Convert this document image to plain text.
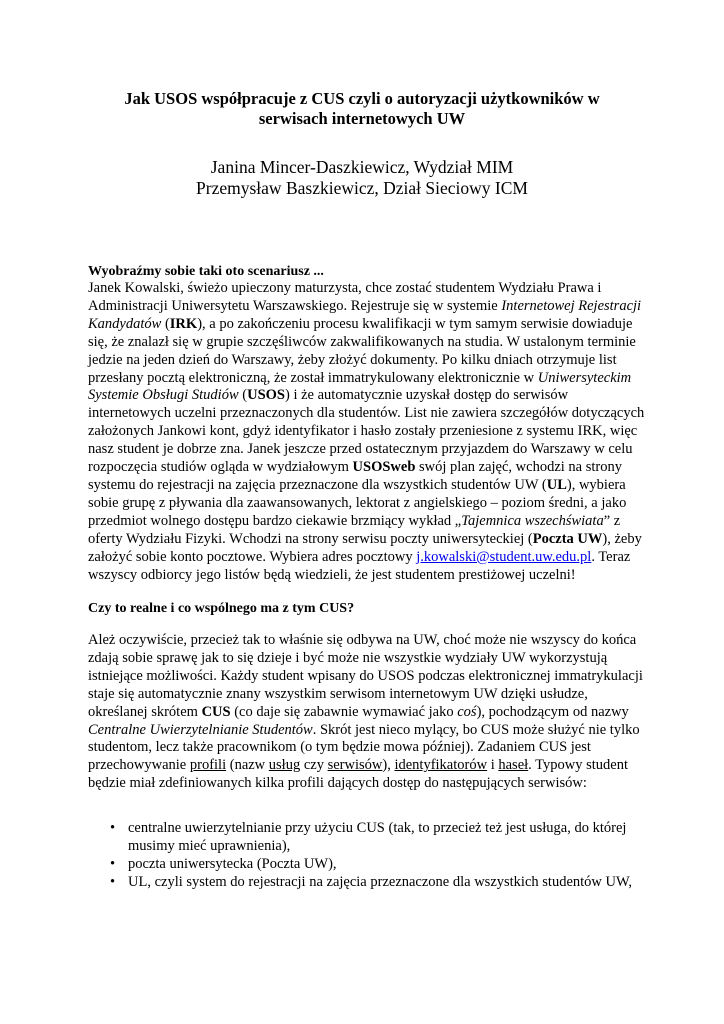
Jak USOS współpracuje z CUS czyli o autoryzacji użytkowników w
serwisach internetowych UW
Janina Mincer-Daszkiewicz, Wydział MIM
Przemysław Baszkiewicz, Dział Sieciowy ICM
Wyobraźmy sobie taki oto scenariusz ...

Janek Kowalski, świeżo upieczony maturzysta, chce zostać studentem Wydziału Prawa i Administracji Uniwersytetu Warszawskiego. Rejestruje się w systemie Internetowej Rejestracji Kandydatów (IRK), a po zakończeniu procesu kwalifikacji w tym samym serwisie dowiaduje się, że znalazł się w grupie szczęśliwców zakwalifikowanych na studia. W ustalonym terminie jedzie na jeden dzień do Warszawy, żeby złożyć dokumenty. Po kilku dniach otrzymuje list przesłany pocztą elektroniczną, że został immatrykulowany elektronicznie w Uniwersyteckim Systemie Obsługi Studiów (USOS) i że automatycznie uzyskał dostęp do serwisów internetowych uczelni przeznaczonych dla studentów. List nie zawiera szczegółów dotyczących założonych Jankowi kont, gdyż identyfikator i hasło zostały przeniesione z systemu IRK, więc nasz student je dobrze zna. Janek jeszcze przed ostatecznym przyjazdem do Warszawy w celu rozpoczęcia studiów ogląda w wydziałowym USOSweb swój plan zajęć, wchodzi na strony systemu do rejestracji na zajęcia przeznaczone dla wszystkich studentów UW (UL), wybiera sobie grupę z pływania dla zaawansowanych, lektorat z angielskiego – poziom średni, a jako przedmiot wolnego dostępu bardzo ciekawie brzmiący wykład „Tajemnica wszechświata” z oferty Wydziału Fizyki. Wchodzi na strony serwisu poczty uniwersyteckiej (Poczta UW), żeby założyć sobie konto pocztowe. Wybiera adres pocztowy j.kowalski@student.uw.edu.pl. Teraz wszyscy odbiorcy jego listów będą wiedzieli, że jest studentem prestiżowej uczelni!

Czy to realne i co wspólnego ma z tym CUS?

Ależ oczywiście, przecież tak to właśnie się odbywa na UW, choć może nie wszyscy do końca zdają sobie sprawę jak to się dzieje i być może nie wszystkie wydziały UW wykorzystują istniejące możliwości. Każdy student wpisany do USOS podczas elektronicznej immatrykulacji staje się automatycznie znany wszystkim serwisom internetowym UW dzięki usłudze, określanej skrótem CUS (co daje się zabawnie wymawiać jako coś), pochodzącym od nazwy Centralne Uwierzytelnianie Studentów. Skrót jest nieco mylący, bo CUS może służyć nie tylko studentom, lecz także pracownikom (o tym będzie mowa później). Zadaniem CUS jest przechowywanie profili (nazw usług czy serwisów), identyfikatorów i haseł. Typowy student będzie miał zdefiniowanych kilka profili dających dostęp do następujących serwisów:

• centralne uwierzytelnianie przy użyciu CUS (tak, to przecież też jest usługa, do której musimy mieć uprawnienia),
• poczta uniwersytecka (Poczta UW),
• UL, czyli system do rejestracji na zajęcia przeznaczone dla wszystkich studentów UW,
